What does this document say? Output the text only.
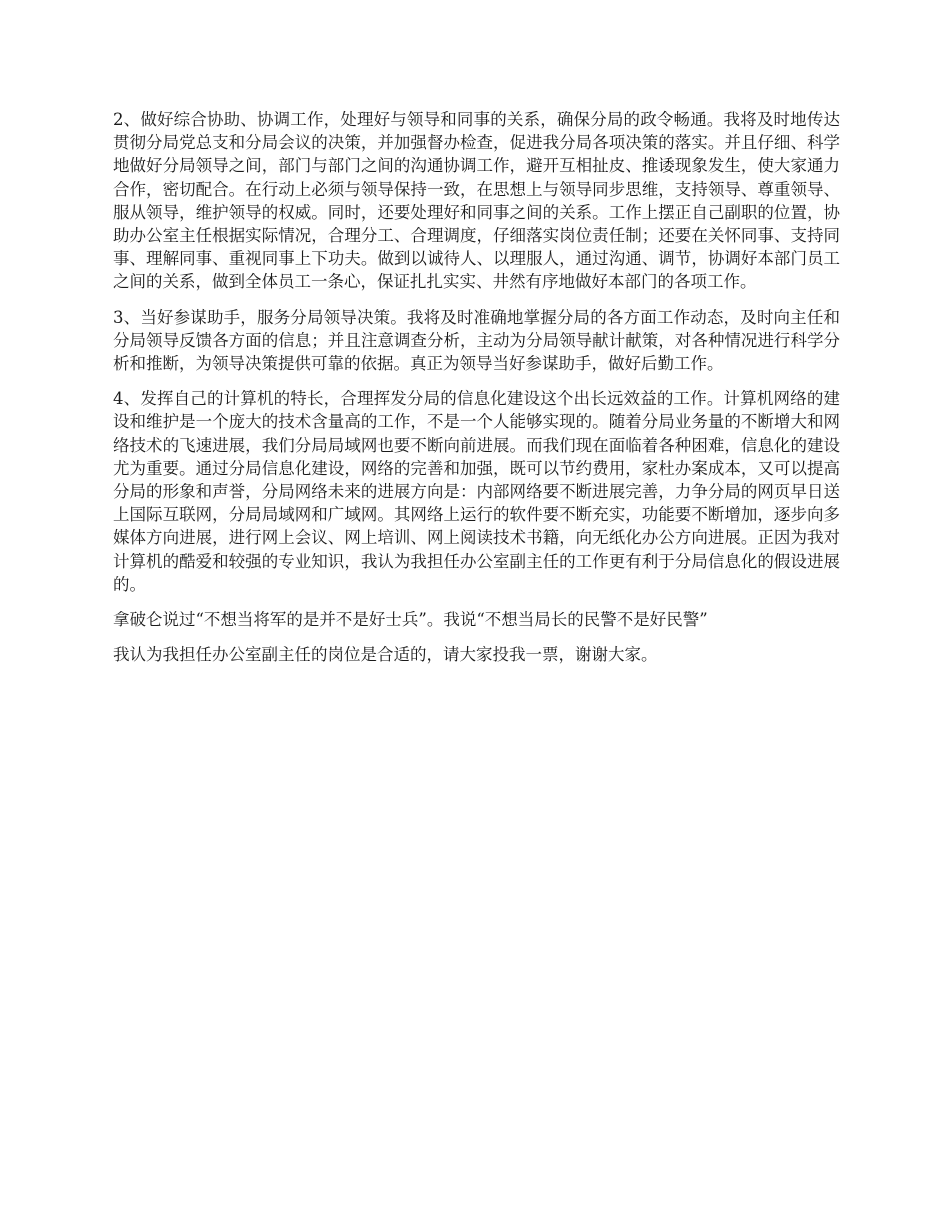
2、做好综合协助、协调工作，处理好与领导和同事的关系，确保分局的政令畅通。我将及时地传达贯彻分局党总支和分局会议的决策，并加强督办检查，促进我分局各项决策的落实。并且仔细、科学地做好分局领导之间，部门与部门之间的沟通协调工作，避开互相扯皮、推诿现象发生，使大家通力合作，密切配合。在行动上必须与领导保持一致，在思想上与领导同步思维，支持领导、尊重领导、服从领导，维护领导的权威。同时，还要处理好和同事之间的关系。工作上摆正自己副职的位置，协助办公室主任根据实际情况，合理分工、合理调度，仔细落实岗位责任制；还要在关怀同事、支持同事、理解同事、重视同事上下功夫。做到以诚待人、以理服人，通过沟通、调节，协调好本部门员工之间的关系，做到全体员工一条心，保证扎扎实实、井然有序地做好本部门的各项工作。

3、当好参谋助手，服务分局领导决策。我将及时准确地掌握分局的各方面工作动态，及时向主任和分局领导反馈各方面的信息；并且注意调查分析，主动为分局领导献计献策，对各种情况进行科学分析和推断，为领导决策提供可靠的依据。真正为领导当好参谋助手，做好后勤工作。

4、发挥自己的计算机的特长，合理挥发分局的信息化建设这个出长远效益的工作。计算机网络的建设和维护是一个庞大的技术含量高的工作，不是一个人能够实现的。随着分局业务量的不断增大和网络技术的飞速进展，我们分局局域网也要不断向前进展。而我们现在面临着各种困难，信息化的建设尤为重要。通过分局信息化建设，网络的完善和加强，既可以节约费用，家杜办案成本，又可以提高分局的形象和声誉，分局网络未来的进展方向是：内部网络要不断进展完善，力争分局的网页早日送上国际互联网，分局局域网和广域网。其网络上运行的软件要不断充实，功能要不断增加，逐步向多媒体方向进展，进行网上会议、网上培训、网上阅读技术书籍，向无纸化办公方向进展。正因为我对计算机的酷爱和较强的专业知识，我认为我担任办公室副主任的工作更有利于分局信息化的假设进展的。

拿破仑说过“不想当将军的是并不是好士兵”。我说“不想当局长的民警不是好民警”

我认为我担任办公室副主任的岗位是合适的，请大家投我一票，谢谢大家。
